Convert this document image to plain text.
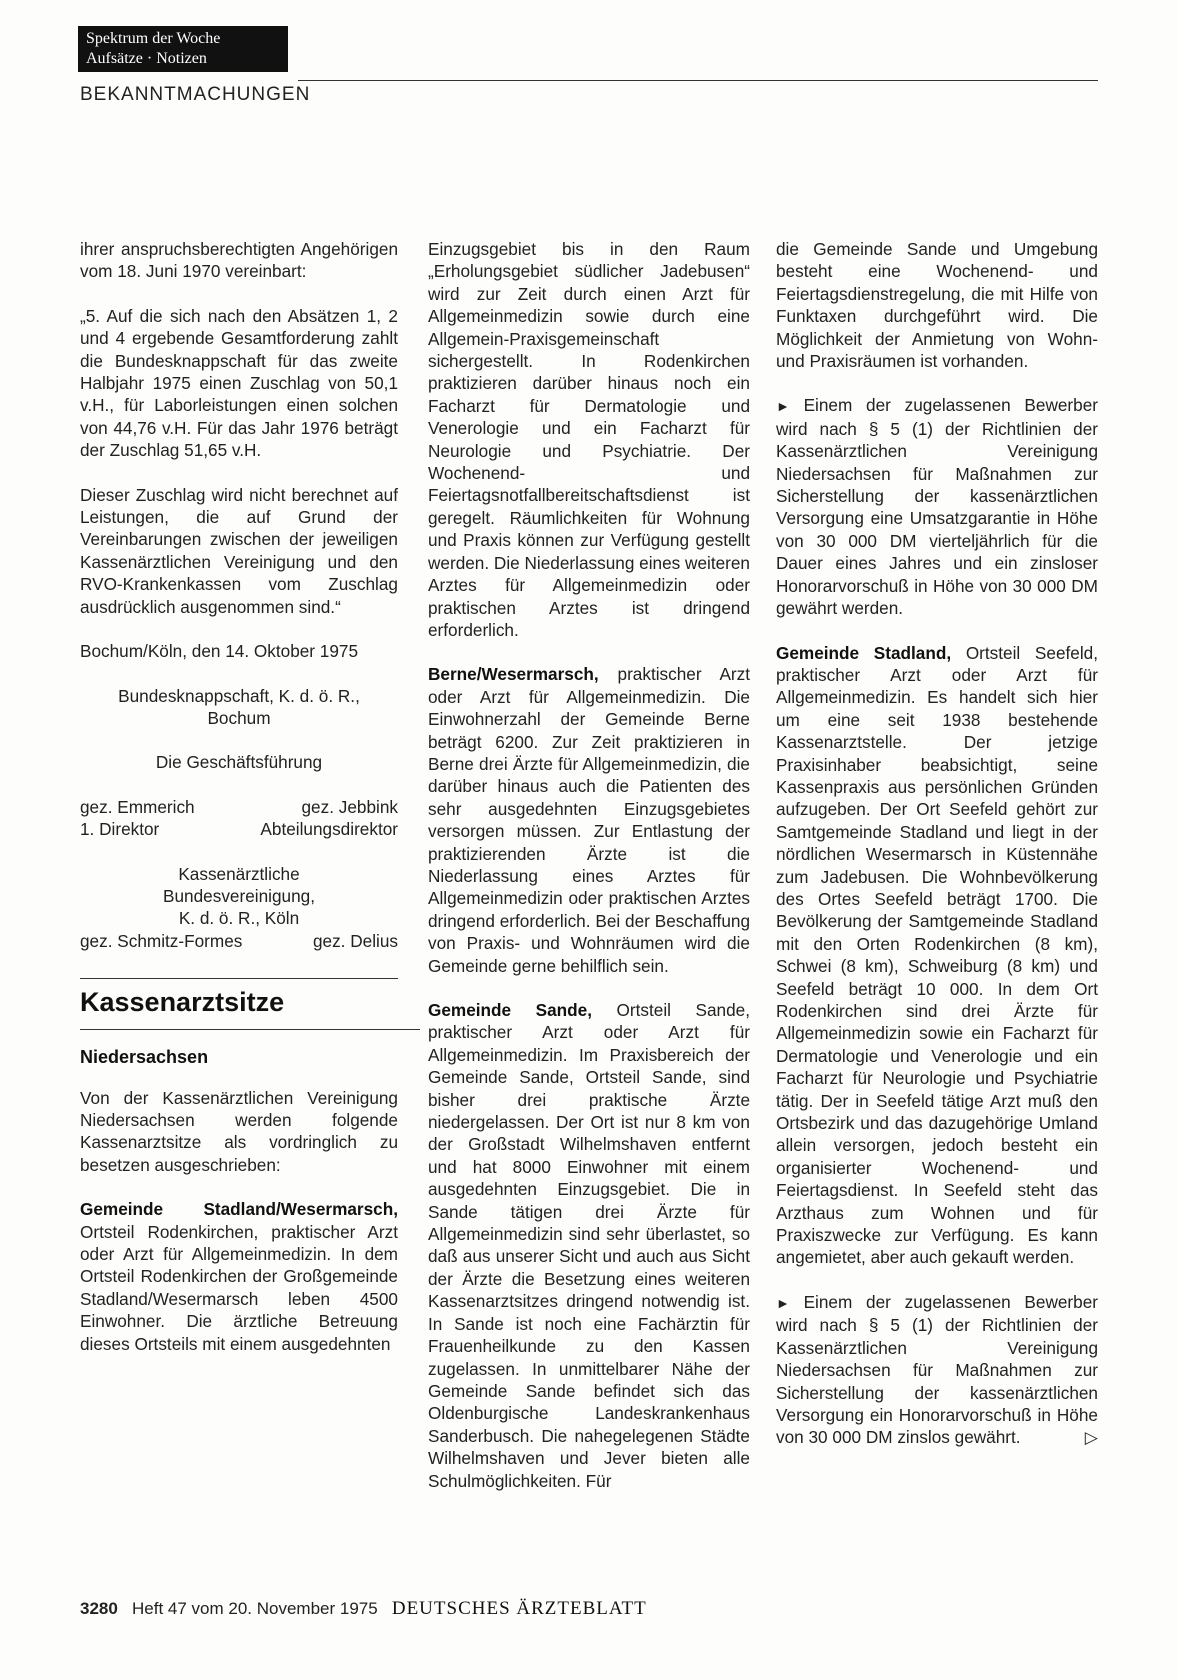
Spektrum der Woche
Aufsätze · Notizen
BEKANNTMACHUNGEN

ihrer anspruchsberechtigten Angehörigen vom 18. Juni 1970 vereinbart:

„5. Auf die sich nach den Absätzen 1, 2 und 4 ergebende Gesamtforderung zahlt die Bundesknappschaft für das zweite Halbjahr 1975 einen Zuschlag von 50,1 v.H., für Laborleistungen einen solchen von 44,76 v.H. Für das Jahr 1976 beträgt der Zuschlag 51,65 v.H.

Dieser Zuschlag wird nicht berechnet auf Leistungen, die auf Grund der Vereinbarungen zwischen der jeweiligen Kassenärztlichen Vereinigung und den RVO-Krankenkassen vom Zuschlag ausdrücklich ausgenommen sind.“

Bochum/Köln, den 14. Oktober 1975

Bundesknappschaft, K. d. ö. R.,
Bochum
Die Geschäftsführung
gez. Emmerich	gez. Jebbink
1. Direktor	Abteilungsdirektor
Kassenärztliche
Bundesvereinigung,
K. d. ö. R., Köln
gez. Schmitz-Formes	gez. Delius
Kassenarztsitze
Niedersachsen

Von der Kassenärztlichen Vereinigung Niedersachsen werden folgende Kassenarztsitze als vordringlich zu besetzen ausgeschrieben:

Gemeinde Stadland/Wesermarsch, Ortsteil Rodenkirchen, praktischer Arzt oder Arzt für Allgemeinmedizin. In dem Ortsteil Rodenkirchen der Großgemeinde Stadland/Wesermarsch leben 4500 Einwohner. Die ärztliche Betreuung dieses Ortsteils mit einem ausgedehnten

Einzugsgebiet bis in den Raum „Erholungsgebiet südlicher Jadebusen“ wird zur Zeit durch einen Arzt für Allgemeinmedizin sowie durch eine Allgemein-Praxisgemeinschaft sichergestellt. In Rodenkirchen praktizieren darüber hinaus noch ein Facharzt für Dermatologie und Venerologie und ein Facharzt für Neurologie und Psychiatrie. Der Wochenend- und Feiertagsnotfallbereitschaftsdienst ist geregelt. Räumlichkeiten für Wohnung und Praxis können zur Verfügung gestellt werden. Die Niederlassung eines weiteren Arztes für Allgemeinmedizin oder praktischen Arztes ist dringend erforderlich.

Berne/Wesermarsch, praktischer Arzt oder Arzt für Allgemeinmedizin. Die Einwohnerzahl der Gemeinde Berne beträgt 6200. Zur Zeit praktizieren in Berne drei Ärzte für Allgemeinmedizin, die darüber hinaus auch die Patienten des sehr ausgedehnten Einzugsgebietes versorgen müssen. Zur Entlastung der praktizierenden Ärzte ist die Niederlassung eines Arztes für Allgemeinmedizin oder praktischen Arztes dringend erforderlich. Bei der Beschaffung von Praxis- und Wohnräumen wird die Gemeinde gerne behilflich sein.

Gemeinde Sande, Ortsteil Sande, praktischer Arzt oder Arzt für Allgemeinmedizin. Im Praxisbereich der Gemeinde Sande, Ortsteil Sande, sind bisher drei praktische Ärzte niedergelassen. Der Ort ist nur 8 km von der Großstadt Wilhelmshaven entfernt und hat 8000 Einwohner mit einem ausgedehnten Einzugsgebiet. Die in Sande tätigen drei Ärzte für Allgemeinmedizin sind sehr überlastet, so daß aus unserer Sicht und auch aus Sicht der Ärzte die Besetzung eines weiteren Kassenarztsitzes dringend notwendig ist. In Sande ist noch eine Fachärztin für Frauenheilkunde zu den Kassen zugelassen. In unmittelbarer Nähe der Gemeinde Sande befindet sich das Oldenburgische Landeskrankenhaus Sanderbusch. Die nahegelegenen Städte Wilhelmshaven und Jever bieten alle Schulmöglichkeiten. Für

die Gemeinde Sande und Umgebung besteht eine Wochenend- und Feiertagsdienstregelung, die mit Hilfe von Funktaxen durchgeführt wird. Die Möglichkeit der Anmietung von Wohn- und Praxisräumen ist vorhanden.

► Einem der zugelassenen Bewerber wird nach § 5 (1) der Richtlinien der Kassenärztlichen Vereinigung Niedersachsen für Maßnahmen zur Sicherstellung der kassenärztlichen Versorgung eine Umsatzgarantie in Höhe von 30 000 DM vierteljährlich für die Dauer eines Jahres und ein zinsloser Honorarvorschuß in Höhe von 30 000 DM gewährt werden.

Gemeinde Stadland, Ortsteil Seefeld, praktischer Arzt oder Arzt für Allgemeinmedizin. Es handelt sich hier um eine seit 1938 bestehende Kassenarztstelle. Der jetzige Praxisinhaber beabsichtigt, seine Kassenpraxis aus persönlichen Gründen aufzugeben. Der Ort Seefeld gehört zur Samtgemeinde Stadland und liegt in der nördlichen Wesermarsch in Küstennähe zum Jadebusen. Die Wohnbevölkerung des Ortes Seefeld beträgt 1700. Die Bevölkerung der Samtgemeinde Stadland mit den Orten Rodenkirchen (8 km), Schwei (8 km), Schweiburg (8 km) und Seefeld beträgt 10 000. In dem Ort Rodenkirchen sind drei Ärzte für Allgemeinmedizin sowie ein Facharzt für Dermatologie und Venerologie und ein Facharzt für Neurologie und Psychiatrie tätig. Der in Seefeld tätige Arzt muß den Ortsbezirk und das dazugehörige Umland allein versorgen, jedoch besteht ein organisierter Wochenend- und Feiertagsdienst. In Seefeld steht das Arzthaus zum Wohnen und für Praxiszwecke zur Verfügung. Es kann angemietet, aber auch gekauft werden.

► Einem der zugelassenen Bewerber wird nach § 5 (1) der Richtlinien der Kassenärztlichen Vereinigung Niedersachsen für Maßnahmen zur Sicherstellung der kassenärztlichen Versorgung ein Honorarvorschuß in Höhe von 30 000 DM zinslos gewährt.	▷

3280 Heft 47 vom 20. November 1975 DEUTSCHES ÄRZTEBLATT
